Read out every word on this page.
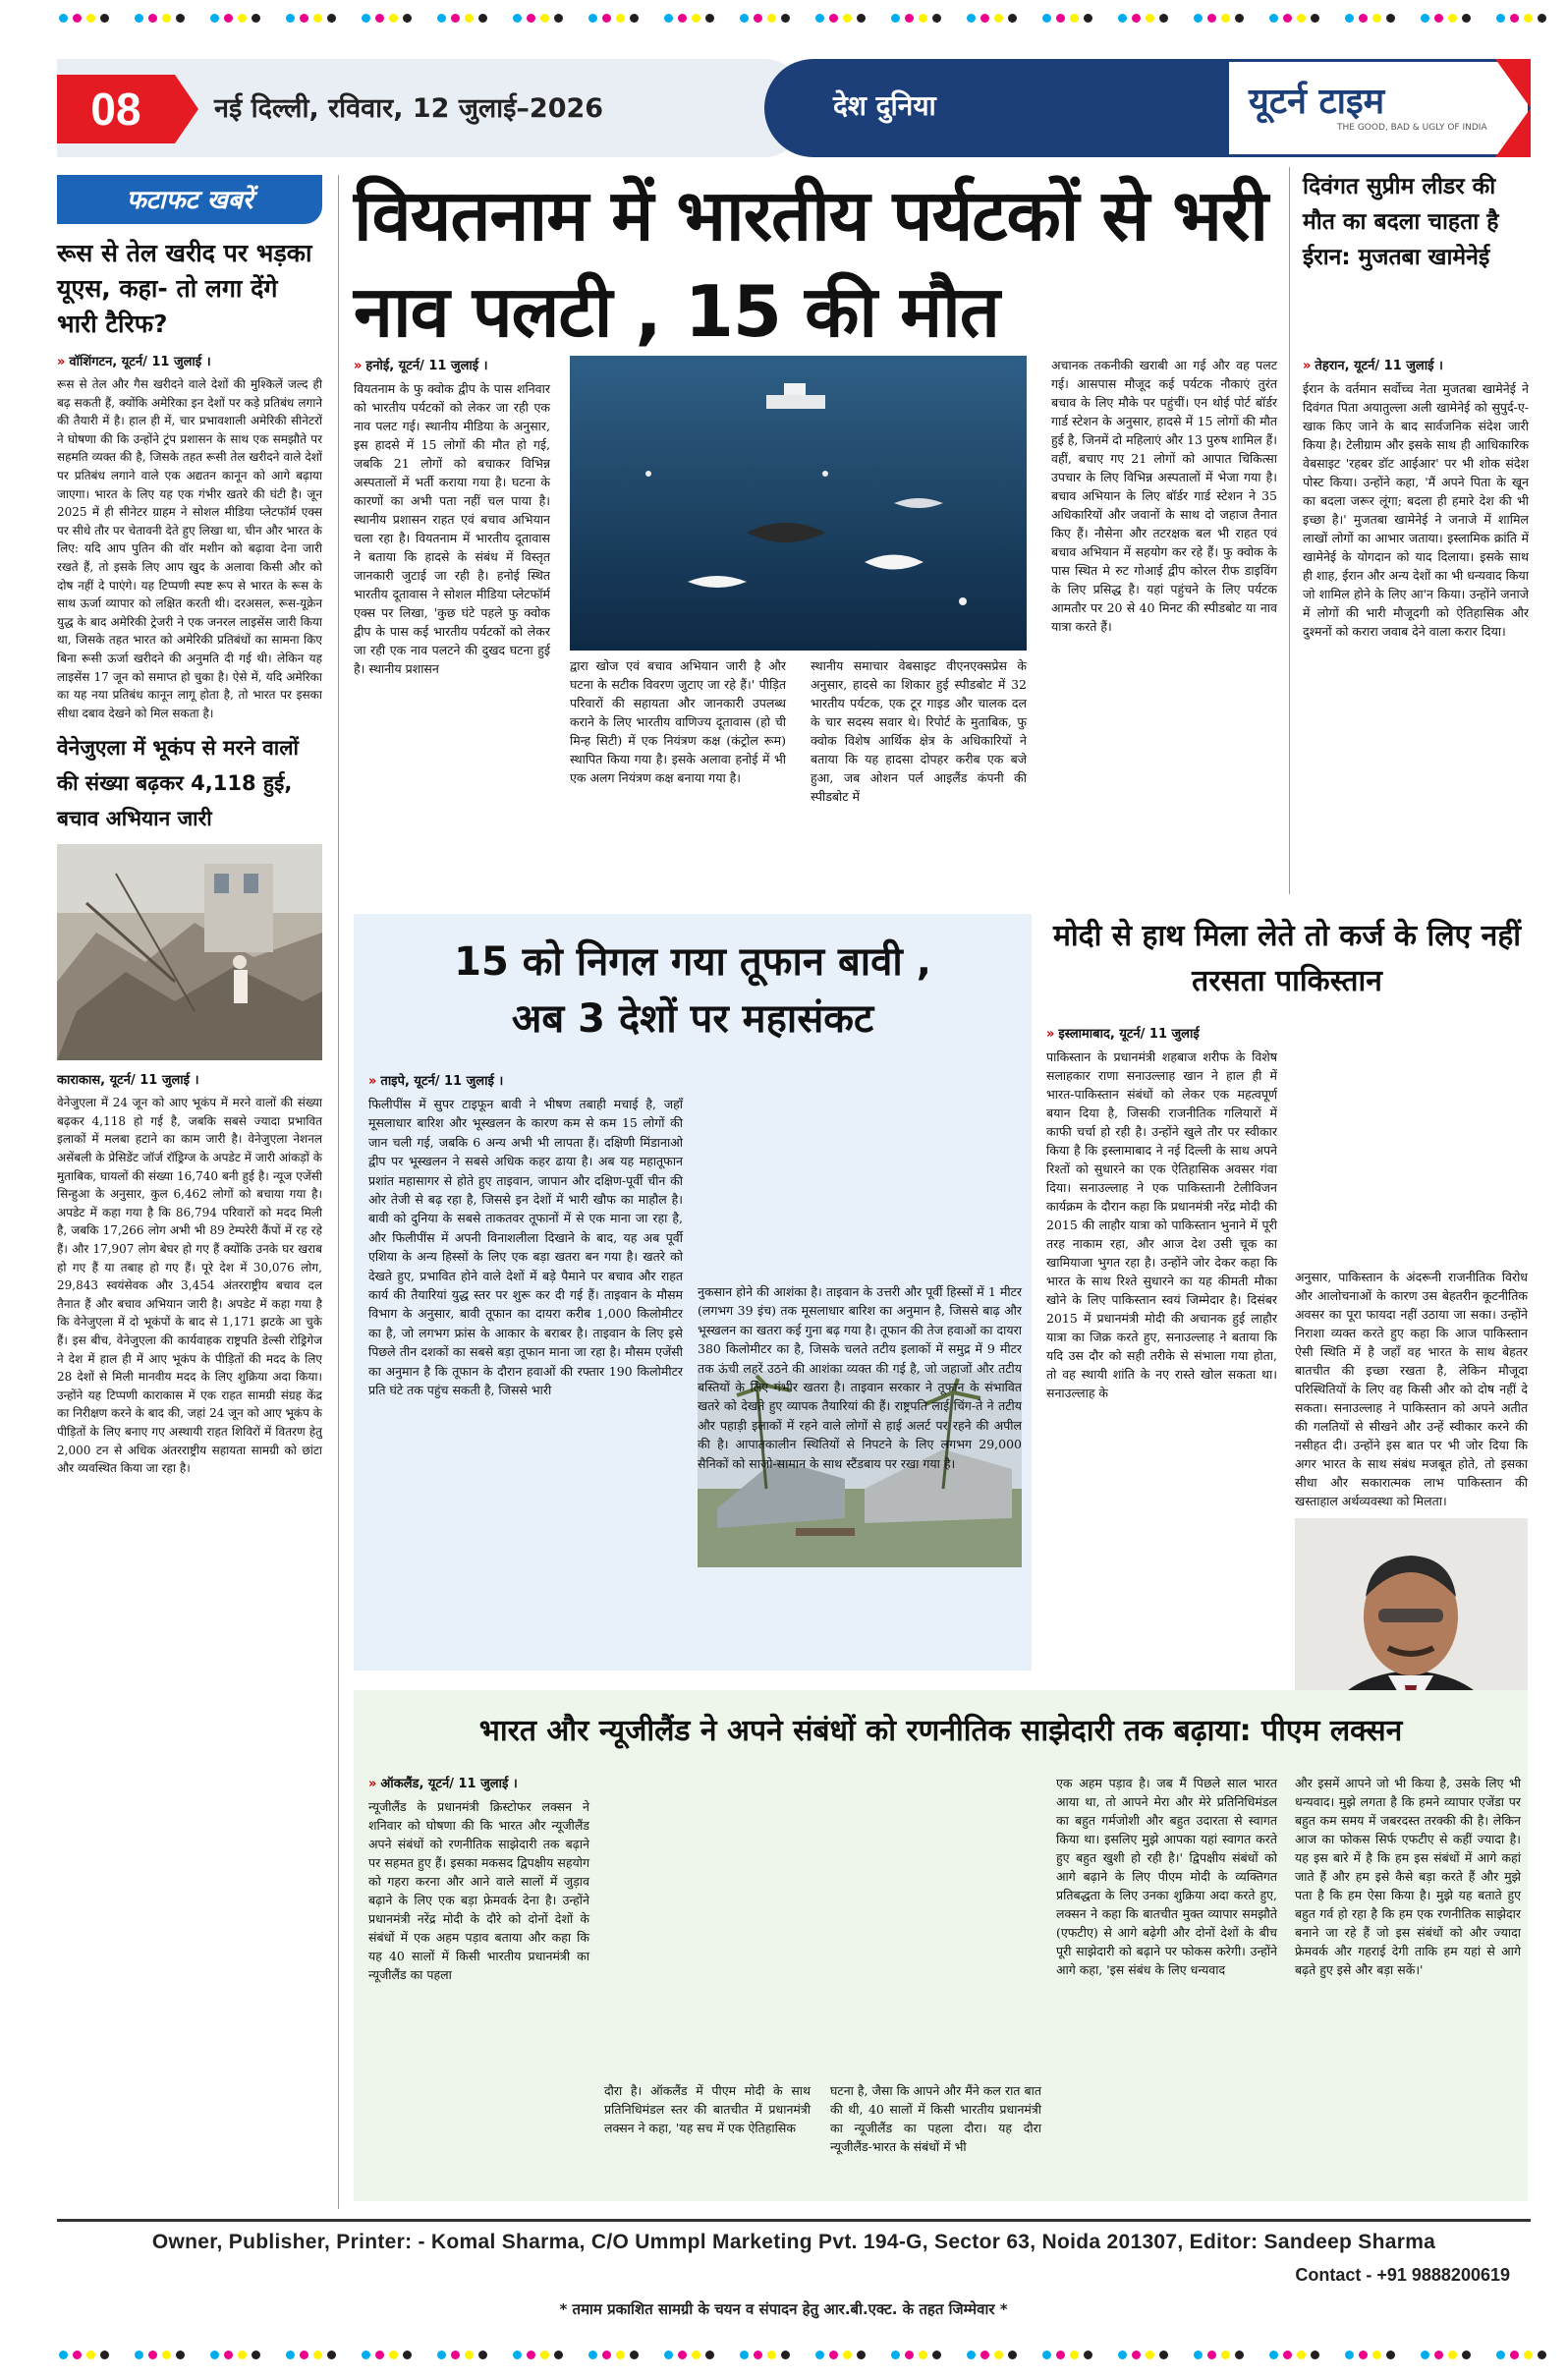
08	नई दिल्ली, रविवार, 12 जुलाई–2026	देश दुनिया	यूटर्न टाइम
THE GOOD, BAD & UGLY OF INDIA
फटाफट खबरें
रूस से तेल खरीद पर भड़का यूएस, कहा- तो लगा देंगे भारी टैरिफ?
» वॉशिंगटन, यूटर्न/ 11 जुलाई ।
रूस से तेल और गैस खरीदने वाले देशों की मुश्किलें जल्द ही बढ़ सकती हैं, क्योंकि अमेरिका इन देशों पर कड़े प्रतिबंध लगाने की तैयारी में है। हाल ही में, चार प्रभावशाली अमेरिकी सीनेटरों ने घोषणा की कि उन्होंने ट्रंप प्रशासन के साथ एक समझौते पर सहमति व्यक्त की है, जिसके तहत रूसी तेल खरीदने वाले देशों पर प्रतिबंध लगाने वाले एक अद्यतन कानून को आगे बढ़ाया जाएगा। भारत के लिए यह एक गंभीर खतरे की घंटी है। जून 2025 में ही सीनेटर ग्राहम ने सोशल मीडिया प्लेटफॉर्म एक्स पर सीधे तौर पर चेतावनी देते हुए लिखा था, चीन और भारत के लिए: यदि आप पुतिन की वॉर मशीन को बढ़ावा देना जारी रखते हैं, तो इसके लिए आप खुद के अलावा किसी और को दोष नहीं दे पाएंगे। यह टिप्पणी स्पष्ट रूप से भारत के रूस के साथ ऊर्जा व्यापार को लक्षित करती थी। दरअसल, रूस-यूक्रेन युद्ध के बाद अमेरिकी ट्रेजरी ने एक जनरल लाइसेंस जारी किया था, जिसके तहत भारत को अमेरिकी प्रतिबंधों का सामना किए बिना रूसी ऊर्जा खरीदने की अनुमति दी गई थी। लेकिन यह लाइसेंस 17 जून को समाप्त हो चुका है। ऐसे में, यदि अमेरिका का यह नया प्रतिबंध कानून लागू होता है, तो भारत पर इसका सीधा दबाव देखने को मिल सकता है।
वेनेजुएला में भूकंप से मरने वालों की संख्या बढ़कर 4,118 हुई, बचाव अभियान जारी
काराकास, यूटर्न/ 11 जुलाई ।
वेनेजुएला में 24 जून को आए भूकंप में मरने वालों की संख्या बढ़कर 4,118 हो गई है, जबकि सबसे ज्यादा प्रभावित इलाकों में मलबा हटाने का काम जारी है। वेनेजुएला नेशनल असेंबली के प्रेसिडेंट जॉर्ज रॉड्रिग्ज के अपडेट में जारी आंकड़ों के मुताबिक, घायलों की संख्या 16,740 बनी हुई है। न्यूज एजेंसी सिन्हुआ के अनुसार, कुल 6,462 लोगों को बचाया गया है। अपडेट में कहा गया है कि 86,794 परिवारों को मदद मिली है, जबकि 17,266 लोग अभी भी 89 टेम्परेरी कैंपों में रह रहे हैं। और 17,907 लोग बेघर हो गए हैं क्योंकि उनके घर खराब हो गए हैं या तबाह हो गए हैं। पूरे देश में 30,076 लोग, 29,843 स्वयंसेवक और 3,454 अंतरराष्ट्रीय बचाव दल तैनात हैं और बचाव अभियान जारी है। अपडेट में कहा गया है कि वेनेजुएला में दो भूकंपों के बाद से 1,171 झटके आ चुके हैं। इस बीच, वेनेजुएला की कार्यवाहक राष्ट्रपति डेल्सी रोड्रिगेज ने देश में हाल ही में आए भूकंप के पीड़ितों की मदद के लिए 28 देशों से मिली मानवीय मदद के लिए शुक्रिया अदा किया। उन्होंने यह टिप्पणी काराकास में एक राहत सामग्री संग्रह केंद्र का निरीक्षण करने के बाद की, जहां 24 जून को आए भूकंप के पीड़ितों के लिए बनाए गए अस्थायी राहत शिविरों में वितरण हेतु 2,000 टन से अधिक अंतरराष्ट्रीय सहायता सामग्री को छांटा और व्यवस्थित किया जा रहा है।
वियतनाम में भारतीय पर्यटकों से भरी नाव पलटी , 15 की मौत
दिवंगत सुप्रीम लीडर की मौत का बदला चाहता है ईरान: मुजतबा खामेनेई
» हनोई, यूटर्न/ 11 जुलाई ।
वियतनाम के फु क्वोक द्वीप के पास शनिवार को भारतीय पर्यटकों को लेकर जा रही एक नाव पलट गई। स्थानीय मीडिया के अनुसार, इस हादसे में 15 लोगों की मौत हो गई, जबकि 21 लोगों को बचाकर विभिन्न अस्पतालों में भर्ती कराया गया है। घटना के कारणों का अभी पता नहीं चल पाया है। स्थानीय प्रशासन राहत एवं बचाव अभियान चला रहा है। वियतनाम में भारतीय दूतावास ने बताया कि हादसे के संबंध में विस्तृत जानकारी जुटाई जा रही है। हनोई स्थित भारतीय दूतावास ने सोशल मीडिया प्लेटफॉर्म एक्स पर लिखा, 'कुछ घंटे पहले फु क्वोक द्वीप के पास कई भारतीय पर्यटकों को लेकर जा रही एक नाव पलटने की दुखद घटना हुई है। स्थानीय प्रशासन	द्वारा खोज एवं बचाव अभियान जारी है और घटना के सटीक विवरण जुटाए जा रहे हैं।' पीड़ित परिवारों की सहायता और जानकारी उपलब्ध कराने के लिए भारतीय वाणिज्य दूतावास (हो ची मिन्ह सिटी) में एक नियंत्रण कक्ष (कंट्रोल रूम) स्थापित किया गया है। इसके अलावा हनोई में भी एक अलग नियंत्रण कक्ष बनाया गया है।
स्थानीय समाचार वेबसाइट वीएनएक्सप्रेस के अनुसार, हादसे का शिकार हुई स्पीडबोट में 32 भारतीय पर्यटक, एक टूर गाइड और चालक दल के चार सदस्य सवार थे। रिपोर्ट के मुताबिक, फु क्वोक विशेष आर्थिक क्षेत्र के अधिकारियों ने बताया कि यह हादसा दोपहर करीब एक बजे हुआ, जब ओशन पर्ल आइलैंड कंपनी की स्पीडबोट में
अचानक तकनीकी खराबी आ गई और वह पलट गई। आसपास मौजूद कई पर्यटक नौकाएं तुरंत बचाव के लिए मौके पर पहुंचीं। एन थोई पोर्ट बॉर्डर गार्ड स्टेशन के अनुसार, हादसे में 15 लोगों की मौत हुई है, जिनमें दो महिलाएं और 13 पुरुष शामिल हैं। वहीं, बचाए गए 21 लोगों को आपात चिकित्सा उपचार के लिए विभिन्न अस्पतालों में भेजा गया है। बचाव अभियान के लिए बॉर्डर गार्ड स्टेशन ने 35 अधिकारियों और जवानों के साथ दो जहाज तैनात किए हैं। नौसेना और तटरक्षक बल भी राहत एवं बचाव अभियान में सहयोग कर रहे हैं। फु क्वोक के पास स्थित मे रुट गोआई द्वीप कोरल रीफ डाइविंग के लिए प्रसिद्ध है। यहां पहुंचने के लिए पर्यटक आमतौर पर 20 से 40 मिनट की स्पीडबोट या नाव यात्रा करते हैं।
» तेहरान, यूटर्न/ 11 जुलाई ।
ईरान के वर्तमान सर्वोच्च नेता मुजतबा खामेनेई ने दिवंगत पिता अयातुल्ला अली खामेनेई को सुपुर्द-ए-खाक किए जाने के बाद सार्वजनिक संदेश जारी किया है। टेलीग्राम और इसके साथ ही आधिकारिक वेबसाइट 'रहबर डॉट आईआर' पर भी शोक संदेश पोस्ट किया। उन्होंने कहा, 'मैं अपने पिता के खून का बदला जरूर लूंगा; बदला ही हमारे देश की भी इच्छा है।' मुजतबा खामेनेई ने जनाजे में शामिल लाखों लोगों का आभार जताया। इस्लामिक क्रांति में खामेनेई के योगदान को याद दिलाया। इसके साथ ही शाह, ईरान और अन्य देशों का भी धन्यवाद किया जो शामिल होने के लिए आ'न किया। उन्होंने जनाजे में लोगों की भारी मौजूदगी को ऐतिहासिक और दुश्मनों को करारा जवाब देने वाला करार दिया।
15 को निगल गया तूफान बावी ,
अब 3 देशों पर महासंकट
» ताइपे, यूटर्न/ 11 जुलाई ।
फिलीपींस में सुपर टाइफून बावी ने भीषण तबाही मचाई है, जहाँ मूसलाधार बारिश और भूस्खलन के कारण कम से कम 15 लोगों की जान चली गई, जबकि 6 अन्य अभी भी लापता हैं। दक्षिणी मिंडानाओ द्वीप पर भूस्खलन ने सबसे अधिक कहर ढाया है। अब यह महातूफान प्रशांत महासागर से होते हुए ताइवान, जापान और दक्षिण-पूर्वी चीन की ओर तेजी से बढ़ रहा है, जिससे इन देशों में भारी खौफ का माहौल है। बावी को दुनिया के सबसे ताकतवर तूफानों में से एक माना जा रहा है, और फिलीपींस में अपनी विनाशलीला दिखाने के बाद, यह अब पूर्वी एशिया के अन्य हिस्सों के लिए एक बड़ा खतरा बन गया है। खतरे को देखते हुए, प्रभावित होने वाले देशों में बड़े पैमाने पर बचाव और राहत कार्य की तैयारियां युद्ध स्तर पर शुरू कर दी गई हैं। ताइवान के मौसम विभाग के अनुसार, बावी तूफान का दायरा करीब 1,000 किलोमीटर का है, जो लगभग फ्रांस के आकार के बराबर है। ताइवान के लिए इसे पिछले तीन दशकों का सबसे बड़ा तूफान माना जा रहा है। मौसम एजेंसी का अनुमान है कि तूफान के दौरान हवाओं की रफ्तार 190 किलोमीटर प्रति घंटे तक पहुंच सकती है, जिससे भारी
नुकसान होने की आशंका है। ताइवान के उत्तरी और पूर्वी हिस्सों में 1 मीटर (लगभग 39 इंच) तक मूसलाधार बारिश का अनुमान है, जिससे बाढ़ और भूस्खलन का खतरा कई गुना बढ़ गया है। तूफान की तेज हवाओं का दायरा 380 किलोमीटर का है, जिसके चलते तटीय इलाकों में समुद्र में 9 मीटर तक ऊंची लहरें उठने की आशंका व्यक्त की गई है, जो जहाजों और तटीय बस्तियों के लिए गंभीर खतरा है। ताइवान सरकार ने तूफान के संभावित खतरे को देखते हुए व्यापक तैयारियां की हैं। राष्ट्रपति लाई चिंग-ते ने तटीय और पहाड़ी इलाकों में रहने वाले लोगों से हाई अलर्ट पर रहने की अपील की है। आपातकालीन स्थितियों से निपटने के लिए लगभग 29,000 सैनिकों को साजो-सामान के साथ स्टैंडबाय पर रखा गया है।
मोदी से हाथ मिला लेते तो कर्ज के लिए नहीं तरसता पाकिस्तान
» इस्लामाबाद, यूटर्न/ 11 जुलाई
पाकिस्तान के प्रधानमंत्री शहबाज शरीफ के विशेष सलाहकार राणा सनाउल्लाह खान ने हाल ही में भारत-पाकिस्तान संबंधों को लेकर एक महत्वपूर्ण बयान दिया है, जिसकी राजनीतिक गलियारों में काफी चर्चा हो रही है। उन्होंने खुले तौर पर स्वीकार किया है कि इस्लामाबाद ने नई दिल्ली के साथ अपने रिश्तों को सुधारने का एक ऐतिहासिक अवसर गंवा दिया। सनाउल्लाह ने एक पाकिस्तानी टेलीविजन कार्यक्रम के दौरान कहा कि प्रधानमंत्री नरेंद्र मोदी की 2015 की लाहौर यात्रा को पाकिस्तान भुनाने में पूरी तरह नाकाम रहा, और आज देश उसी चूक का खामियाजा भुगत रहा है। उन्होंने जोर देकर कहा कि भारत के साथ रिश्ते सुधारने का यह कीमती मौका खोने के लिए पाकिस्तान स्वयं जिम्मेदार है। दिसंबर 2015 में प्रधानमंत्री मोदी की अचानक हुई लाहौर यात्रा का जिक्र करते हुए, सनाउल्लाह ने बताया कि यदि उस दौर को सही तरीके से संभाला गया होता, तो वह स्थायी शांति के नए रास्ते खोल सकता था। सनाउल्लाह के
अनुसार, पाकिस्तान के अंदरूनी राजनीतिक विरोध और आलोचनाओं के कारण उस बेहतरीन कूटनीतिक अवसर का पूरा फायदा नहीं उठाया जा सका। उन्होंने निराशा व्यक्त करते हुए कहा कि आज पाकिस्तान ऐसी स्थिति में है जहाँ वह भारत के साथ बेहतर बातचीत की इच्छा रखता है, लेकिन मौजूदा परिस्थितियों के लिए वह किसी और को दोष नहीं दे सकता। सनाउल्लाह ने पाकिस्तान को अपने अतीत की गलतियों से सीखने और उन्हें स्वीकार करने की नसीहत दी। उन्होंने इस बात पर भी जोर दिया कि अगर भारत के साथ संबंध मजबूत होते, तो इसका सीधा और सकारात्मक लाभ पाकिस्तान की खस्ताहाल अर्थव्यवस्था को मिलता।
भारत और न्यूजीलैंड ने अपने संबंधों को रणनीतिक साझेदारी तक बढ़ाया: पीएम लक्सन
» ऑकलैंड, यूटर्न/ 11 जुलाई ।
न्यूजीलैंड के प्रधानमंत्री क्रिस्टोफर लक्सन ने शनिवार को घोषणा की कि भारत और न्यूजीलैंड अपने संबंधों को रणनीतिक साझेदारी तक बढ़ाने पर सहमत हुए हैं। इसका मकसद द्विपक्षीय सहयोग को गहरा करना और आने वाले सालों में जुड़ाव बढ़ाने के लिए एक बड़ा फ्रेमवर्क देना है। उन्होंने प्रधानमंत्री नरेंद्र मोदी के दौरे को दोनों देशों के संबंधों में एक अहम पड़ाव बताया और कहा कि यह 40 सालों में किसी भारतीय प्रधानमंत्री का न्यूजीलैंड का पहला
दौरा है। ऑकलैंड में पीएम मोदी के साथ प्रतिनिधिमंडल स्तर की बातचीत में प्रधानमंत्री लक्सन ने कहा, 'यह सच में एक ऐतिहासिक
घटना है, जैसा कि आपने और मैंने कल रात बात की थी, 40 सालों में किसी भारतीय प्रधानमंत्री का न्यूजीलैंड का पहला दौरा। यह दौरा न्यूजीलैंड-भारत के संबंधों में भी
एक अहम पड़ाव है। जब मैं पिछले साल भारत आया था, तो आपने मेरा और मेरे प्रतिनिधिमंडल का बहुत गर्मजोशी और बहुत उदारता से स्वागत किया था। इसलिए मुझे आपका यहां स्वागत करते हुए बहुत खुशी हो रही है।' द्विपक्षीय संबंधों को आगे बढ़ाने के लिए पीएम मोदी के व्यक्तिगत प्रतिबद्धता के लिए उनका शुक्रिया अदा करते हुए, लक्सन ने कहा कि बातचीत मुक्त व्यापार समझौते (एफटीए) से आगे बढ़ेगी और दोनों देशों के बीच पूरी साझेदारी को बढ़ाने पर फोकस करेगी। उन्होंने आगे कहा, 'इस संबंध के लिए धन्यवाद
और इसमें आपने जो भी किया है, उसके लिए भी धन्यवाद। मुझे लगता है कि हमने व्यापार एजेंडा पर बहुत कम समय में जबरदस्त तरक्की की है। लेकिन आज का फोकस सिर्फ एफटीए से कहीं ज्यादा है। यह इस बारे में है कि हम इस संबंधों में आगे कहां जाते हैं और हम इसे कैसे बड़ा करते हैं और मुझे पता है कि हम ऐसा किया है। मुझे यह बताते हुए बहुत गर्व हो रहा है कि हम एक रणनीतिक साझेदार बनाने जा रहे हैं जो इस संबंधों को और ज्यादा फ्रेमवर्क और गहराई देगी ताकि हम यहां से आगे बढ़ते हुए इसे और बड़ा सकें।'
Owner, Publisher, Printer: - Komal Sharma, C/O Ummpl Marketing Pvt. 194-G, Sector 63, Noida 201307, Editor: Sandeep Sharma
Contact - +91 9888200619
* तमाम प्रकाशित सामग्री के चयन व संपादन हेतु आर.बी.एक्ट. के तहत जिम्मेवार *
